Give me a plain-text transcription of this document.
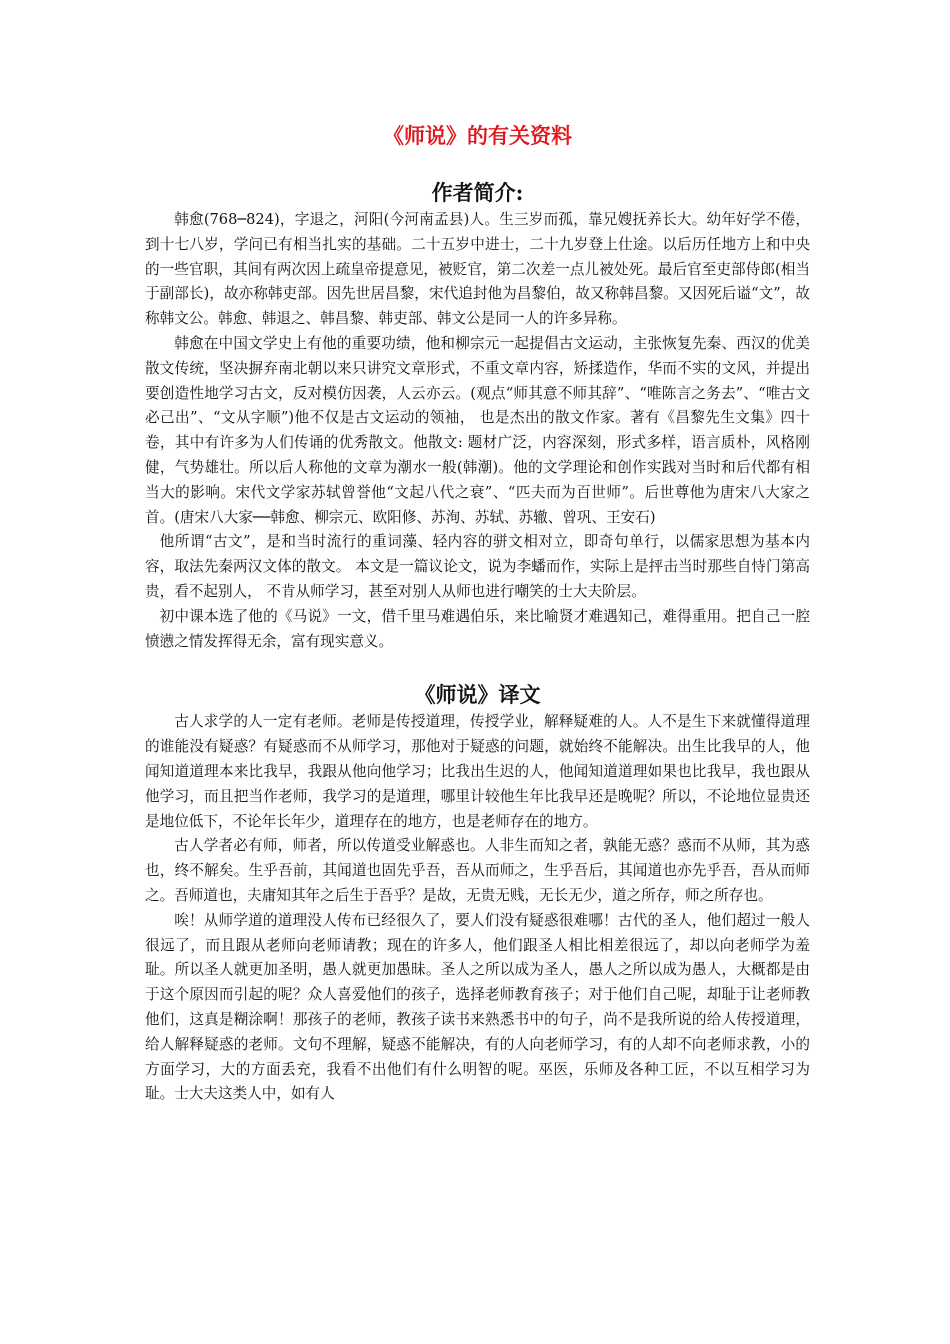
《师说》的有关资料
作者简介:

韩愈(768─824)，字退之，河阳(今河南孟县)人。生三岁而孤，靠兄嫂抚养长大。幼年好学不倦，到十七八岁，学问已有相当扎实的基础。二十五岁中进士，二十九岁登上仕途。以后历任地方上和中央的一些官职，其间有两次因上疏皇帝提意见，被贬官，第二次差一点儿被处死。最后官至吏部侍郎(相当于副部长)，故亦称韩吏部。因先世居昌黎，宋代追封他为昌黎伯，故又称韩昌黎。又因死后谥“文”，故称韩文公。韩愈、韩退之、韩昌黎、韩吏部、韩文公是同一人的许多异称。

韩愈在中国文学史上有他的重要功绩，他和柳宗元一起提倡古文运动，主张恢复先秦、西汉的优美散文传统，坚决摒弃南北朝以来只讲究文章形式，不重文章内容，矫揉造作，华而不实的文风，并提出要创造性地学习古文，反对模仿因袭，人云亦云。(观点“师其意不师其辞”、“唯陈言之务去”、“唯古文必己出”、“文从字顺”)他不仅是古文运动的领袖， 也是杰出的散文作家。著有《昌黎先生文集》四十卷，其中有许多为人们传诵的优秀散文。他散文: 题材广泛，内容深刻，形式多样，语言质朴，风格刚健，气势雄壮。所以后人称他的文章为潮水一般(韩潮)。他的文学理论和创作实践对当时和后代都有相当大的影响。宋代文学家苏轼曾誉他“文起八代之衰”、“匹夫而为百世师”。后世尊他为唐宋八大家之首。(唐宋八大家──韩愈、柳宗元、欧阳修、苏洵、苏轼、苏辙、曾巩、王安石)

他所谓“古文”，是和当时流行的重词藻、轻内容的骈文相对立，即奇句单行，以儒家思想为基本内容，取法先秦两汉文体的散文。 本文是一篇议论文，说为李蟠而作，实际上是抨击当时那些自恃门第高贵，看不起别人， 不肯从师学习，甚至对别人从师也进行嘲笑的士大夫阶层。

初中课本选了他的《马说》一文，借千里马难遇伯乐，来比喻贤才难遇知己，难得重用。把自己一腔愤懑之情发挥得无余，富有现实意义。

《师说》译文

古人求学的人一定有老师。老师是传授道理，传授学业，解释疑难的人。人不是生下来就懂得道理的谁能没有疑惑？有疑惑而不从师学习，那他对于疑惑的问题，就始终不能解决。出生比我早的人，他闻知道道理本来比我早，我跟从他向他学习；比我出生迟的人，他闻知道道理如果也比我早，我也跟从他学习，而且把当作老师，我学习的是道理，哪里计较他生年比我早还是晚呢？所以，不论地位显贵还是地位低下，不论年长年少，道理存在的地方，也是老师存在的地方。

古人学者必有师，师者，所以传道受业解惑也。人非生而知之者，孰能无惑？惑而不从师，其为惑也，终不解矣。生乎吾前，其闻道也固先乎吾，吾从而师之，生乎吾后，其闻道也亦先乎吾，吾从而师之。吾师道也，夫庸知其年之后生于吾乎？是故，无贵无贱，无长无少，道之所存，师之所存也。

唉！从师学道的道理没人传布已经很久了，要人们没有疑惑很难哪！古代的圣人，他们超过一般人很远了，而且跟从老师向老师请教；现在的许多人，他们跟圣人相比相差很远了，却以向老师学为羞耻。所以圣人就更加圣明，愚人就更加愚昧。圣人之所以成为圣人，愚人之所以成为愚人，大概都是由于这个原因而引起的呢？众人喜爱他们的孩子，选择老师教育孩子；对于他们自己呢，却耻于让老师教他们，这真是糊涂啊！那孩子的老师，教孩子读书来熟悉书中的句子，尚不是我所说的给人传授道理，给人解释疑惑的老师。文句不理解，疑惑不能解决，有的人向老师学习，有的人却不向老师求教，小的方面学习，大的方面丢充，我看不出他们有什么明智的呢。巫医，乐师及各种工匠，不以互相学习为耻。士大夫这类人中，如有人
